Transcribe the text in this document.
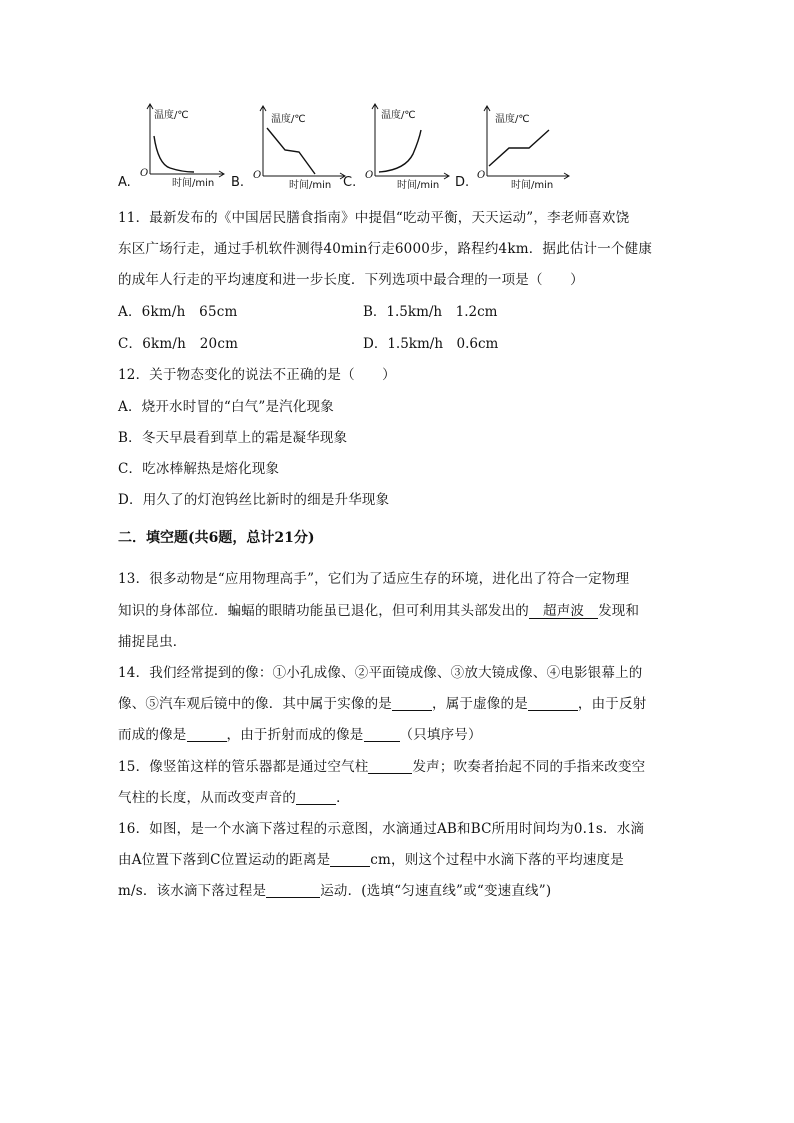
A.
温度/℃
时间/min
O
B.
温度/℃
时间/min
O	C.
温度/℃
时间/min
O	D.
温度/℃
时间/min
O
11．最新发布的《中国居民膳食指南》中提倡“吃动平衡，天天运动”，李老师喜欢饶
东区广场行走，通过手机软件测得40min行走6000步，路程约4km．据此估计一个健康
的成年人行走的平均速度和进一步长度．下列选项中最合理的一项是（　　）
A．6km/h　65cm	B．1.5km/h　1.2cm
C．6km/h　20cm	D．1.5km/h　0.6cm
12．关于物态变化的说法不正确的是（　　）
A．烧开水时冒的“白气”是汽化现象
B．冬天早晨看到草上的霜是凝华现象
C．吃冰棒解热是熔化现象
D．用久了的灯泡钨丝比新时的细是升华现象
二．填空题(共6题，总计21分)
13．很多动物是“应用物理高手”，它们为了适应生存的环境，进化出了符合一定物理
知识的身体部位．蝙蝠的眼睛功能虽已退化，但可利用其头部发出的 超声波 发现和
捕捉昆虫．
14．我们经常提到的像：①小孔成像、②平面镜成像、③放大镜成像、④电影银幕上的
像、⑤汽车观后镜中的像．其中属于实像的是	，属于虚像的是	，由于反射
而成的像是	，由于折射而成的像是	（只填序号）
15．像竖笛这样的管乐器都是通过空气柱	发声；吹奏者抬起不同的手指来改变空
气柱的长度，从而改变声音的	．
16．如图，是一个水滴下落过程的示意图，水滴通过AB和BC所用时间均为0.1s．水滴
由A位置下落到C位置运动的距离是	cm，则这个过程中水滴下落的平均速度是
m/s．该水滴下落过程是	运动．(选填“匀速直线”或“变速直线”)
